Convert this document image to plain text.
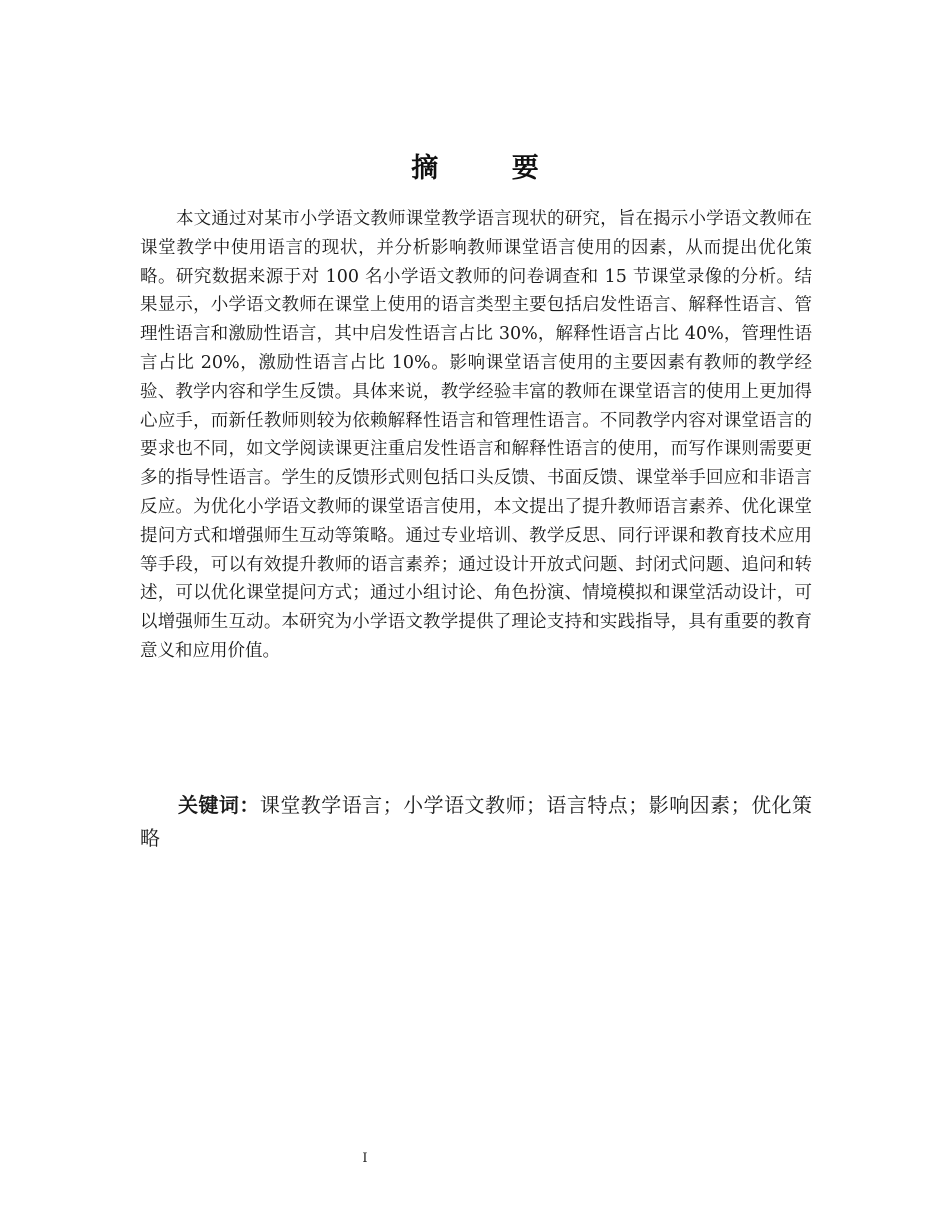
摘 要

本文通过对某市小学语文教师课堂教学语言现状的研究，旨在揭示小学语文教师在课堂教学中使用语言的现状，并分析影响教师课堂语言使用的因素，从而提出优化策略。研究数据来源于对 100 名小学语文教师的问卷调查和 15 节课堂录像的分析。结果显示，小学语文教师在课堂上使用的语言类型主要包括启发性语言、解释性语言、管理性语言和激励性语言，其中启发性语言占比 30%，解释性语言占比 40%，管理性语言占比 20%，激励性语言占比 10%。影响课堂语言使用的主要因素有教师的教学经验、教学内容和学生反馈。具体来说，教学经验丰富的教师在课堂语言的使用上更加得心应手，而新任教师则较为依赖解释性语言和管理性语言。不同教学内容对课堂语言的要求也不同，如文学阅读课更注重启发性语言和解释性语言的使用，而写作课则需要更多的指导性语言。学生的反馈形式则包括口头反馈、书面反馈、课堂举手回应和非语言反应。为优化小学语文教师的课堂语言使用，本文提出了提升教师语言素养、优化课堂提问方式和增强师生互动等策略。通过专业培训、教学反思、同行评课和教育技术应用等手段，可以有效提升教师的语言素养；通过设计开放式问题、封闭式问题、追问和转述，可以优化课堂提问方式；通过小组讨论、角色扮演、情境模拟和课堂活动设计，可以增强师生互动。本研究为小学语文教学提供了理论支持和实践指导，具有重要的教育意义和应用价值。

关键词：课堂教学语言；小学语文教师；语言特点；影响因素；优化策略

I
